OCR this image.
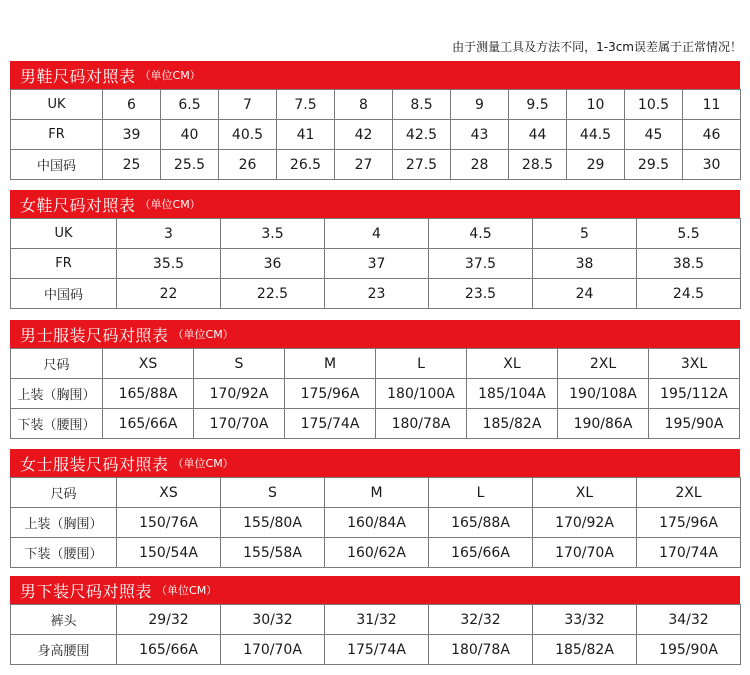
由于测量工具及方法不同，1-3cm误差属于正常情况！
男鞋尺码对照表 （单位CM）
UK	6	6.5	7	7.5	8	8.5	9	9.5	10	10.5	11
FR	39	40	40.5	41	42	42.5	43	44	44.5	45	46
中国码	25	25.5	26	26.5	27	27.5	28	28.5	29	29.5	30
女鞋尺码对照表 （单位CM）
UK	3	3.5	4	4.5	5	5.5
FR	35.5	36	37	37.5	38	38.5
中国码	22	22.5	23	23.5	24	24.5
男士服装尺码对照表 （单位CM）
尺码	XS	S	M	L	XL	2XL	3XL
上装（胸围）	165/88A	170/92A	175/96A	180/100A	185/104A	190/108A	195/112A
下装（腰围）	165/66A	170/70A	175/74A	180/78A	185/82A	190/86A	195/90A
女士服装尺码对照表 （单位CM）
尺码	XS	S	M	L	XL	2XL
上装（胸围）	150/76A	155/80A	160/84A	165/88A	170/92A	175/96A
下装（腰围）	150/54A	155/58A	160/62A	165/66A	170/70A	170/74A
男下装尺码对照表 （单位CM）
裤头	29/32	30/32	31/32	32/32	33/32	34/32
身高腰围	165/66A	170/70A	175/74A	180/78A	185/82A	195/90A
